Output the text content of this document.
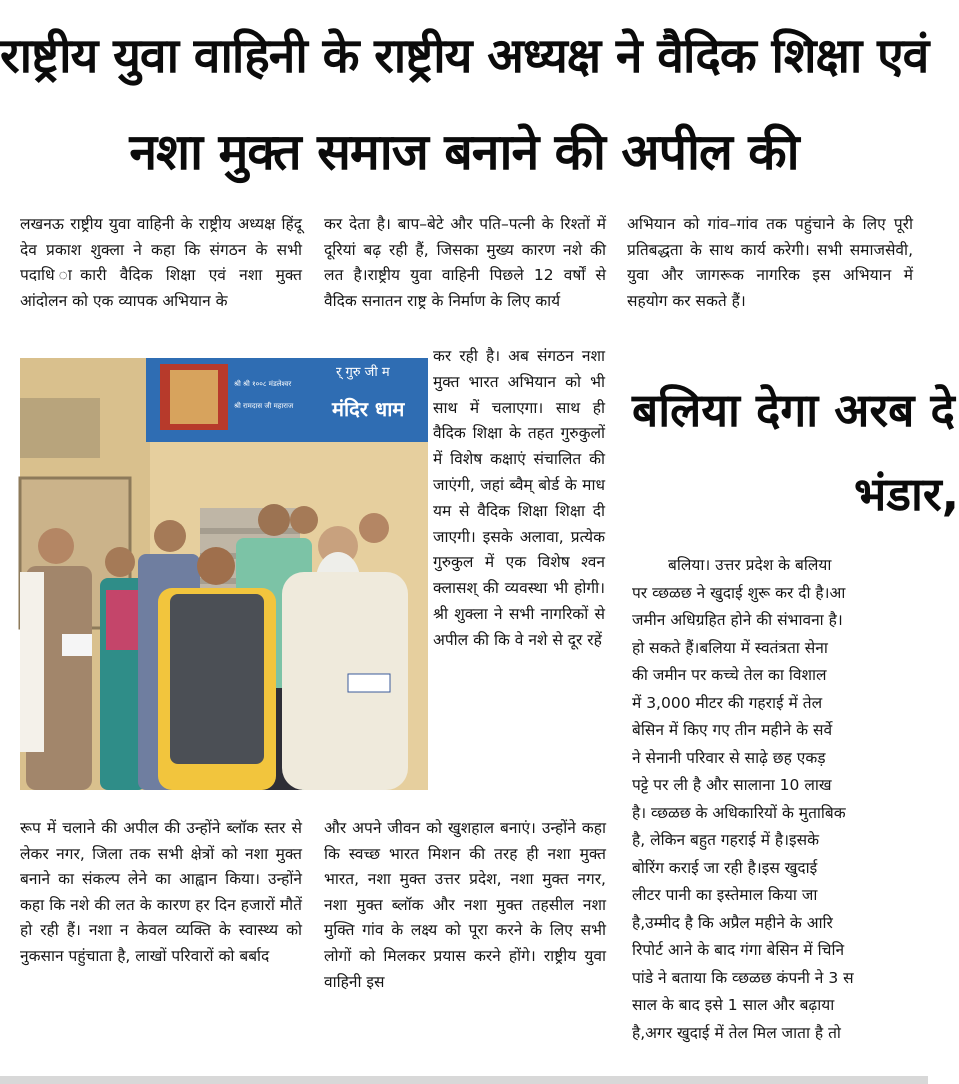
राष्ट्रीय युवा वाहिनी के राष्ट्रीय अध्यक्ष ने वैदिक शिक्षा एवं
नशा मुक्त समाज बनाने की अपील की

लखनऊ राष्ट्रीय युवा वाहिनी के राष्ट्रीय अध्यक्ष हिंदू देव प्रकाश शुक्ला ने कहा कि संगठन के सभी पदाधि ाकारी वैदिक शिक्षा एवं नशा मुक्त आंदोलन को एक व्यापक अभियान के

कर देता है। बाप–बेटे और पति–पत्नी के रिश्तों में दूरियां बढ़ रही हैं, जिसका मुख्य कारण नशे की लत है।राष्ट्रीय युवा वाहिनी पिछले 12 वर्षों से वैदिक सनातन राष्ट्र के निर्माण के लिए कार्य

अभियान को गांव–गांव तक पहुंचाने के लिए पूरी प्रतिबद्धता के साथ कार्य करेगी। सभी समाजसेवी, युवा और जागरूक नागरिक इस अभियान में सहयोग कर सकते हैं।

श्री श्री १००८ मंडलेश्वर
श्री रामदास जी महाराज
र् गुरु जी म
मंदिर धाम

कर रही है। अब संगठन नशा मुक्त भारत अभियान को भी साथ में चलाएगा। साथ ही वैदिक शिक्षा के तहत गुरुकुलों में विशेष कक्षाएं संचालित की जाएंगी, जहां ब्वैम् बोर्ड के माध यम से वैदिक शिक्षा शिक्षा दी जाएगी। इसके अलावा, प्रत्येक गुरुकुल में एक विशेष श्वन क्लासश् की व्यवस्था भी होगी। श्री शुक्ला ने सभी नागरिकों से अपील की कि वे नशे से दूर रहें

रूप में चलाने की अपील की उन्होंने ब्लॉक स्तर से लेकर नगर, जिला तक सभी क्षेत्रों को नशा मुक्त बनाने का संकल्प लेने का आह्वान किया। उन्होंने कहा कि नशे की लत के कारण हर दिन हजारों मौतें हो रही हैं। नशा न केवल व्यक्ति के स्वास्थ्य को नुकसान पहुंचाता है, लाखों परिवारों को बर्बाद

और अपने जीवन को खुशहाल बनाएं। उन्होंने कहा कि स्वच्छ भारत मिशन की तरह ही नशा मुक्त भारत, नशा मुक्त उत्तर प्रदेश, नशा मुक्त नगर, नशा मुक्त ब्लॉक और नशा मुक्त तहसील नशा मुक्ति गांव के लक्ष्य को पूरा करने के लिए सभी लोगों को मिलकर प्रयास करने होंगे। राष्ट्रीय युवा वाहिनी इस

बलिया देगा अरब दे
भंडार,
बलिया। उत्तर प्रदेश के बलिया
पर व्छळछ ने खुदाई शुरू कर दी है।आ
जमीन अधिग्रहित होने की संभावना है।
हो सकते हैं।बलिया में स्वतंत्रता सेना
की जमीन पर कच्चे तेल का विशाल
में 3,000 मीटर की गहराई में तेल
बेसिन में किए गए तीन महीने के सर्वे
ने सेनानी परिवार से साढ़े छह एकड़
पट्टे पर ली है और सालाना 10 लाख
है। व्छळछ के अधिकारियों के मुताबिक
है, लेकिन बहुत गहराई में है।इसके
बोरिंग कराई जा रही है।इस खुदाई
लीटर पानी का इस्तेमाल किया जा
है,उम्मीद है कि अप्रैल महीने के आरि
रिपोर्ट आने के बाद गंगा बेसिन में चिनि
पांडे ने बताया कि व्छळछ कंपनी ने 3 स
साल के बाद इसे 1 साल और बढ़ाया
है,अगर खुदाई में तेल मिल जाता है तो
